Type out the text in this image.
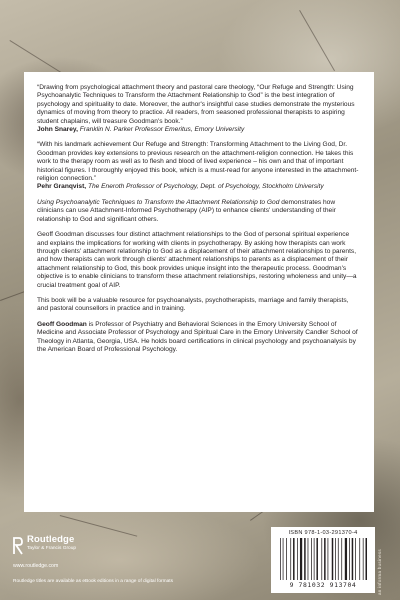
“Drawing from psychological attachment theory and pastoral care theology, “Our Refuge and Strength: Using Psychoanalytic Techniques to Transform the Attachment Relationship to God” is the best integration of psychology and spirituality to date. Moreover, the author's insightful case studies demonstrate the mysterious dynamics of moving from theory to practice. All readers, from seasoned professional therapists to aspiring student chaplains, will treasure Goodman's book.”
John Snarey, Franklin N. Parker Professor Emeritus, Emory University

“With his landmark achievement Our Refuge and Strength: Transforming Attachment to the Living God, Dr. Goodman provides key extensions to previous research on the attachment-religion connection. He takes this work to the therapy room as well as to flesh and blood of lived experience – his own and that of important historical figures. I thoroughly enjoyed this book, which is a must-read for anyone interested in the attachment-religion connection.”
Pehr Granqvist, The Eneroth Professor of Psychology, Dept. of Psychology, Stockholm University

Using Psychoanalytic Techniques to Transform the Attachment Relationship to God demonstrates how clinicians can use Attachment-Informed Psychotherapy (AIP) to enhance clients' understanding of their relationship to God and significant others.

Geoff Goodman discusses four distinct attachment relationships to the God of personal spiritual experience and explains the implications for working with clients in psychotherapy. By asking how therapists can work through clients' attachment relationship to God as a displacement of their attachment relationships to parents, and how therapists can work through clients' attachment relationships to parents as a displacement of their attachment relationship to God, this book provides unique insight into the therapeutic process. Goodman's objective is to enable clinicians to transform these attachment relationships, restoring wholeness and unity—a crucial treatment goal of AIP.

This book will be a valuable resource for psychoanalysts, psychotherapists, marriage and family therapists, and pastoral counsellors in practice and in training.

Geoff Goodman is Professor of Psychiatry and Behavioral Sciences in the Emory University School of Medicine and Associate Professor of Psychology and Spiritual Care in the Emory University Candler School of Theology in Atlanta, Georgia, USA. He holds board certifications in clinical psychology and psychoanalysis by the American Board of Professional Psychology.

Routledge
Taylor & Francis Group
www.routledge.com
Routledge titles are available as eBook editions in a range of digital formats
ISBN 978-1-03-291370-4
9 781032 913704	an informa business
